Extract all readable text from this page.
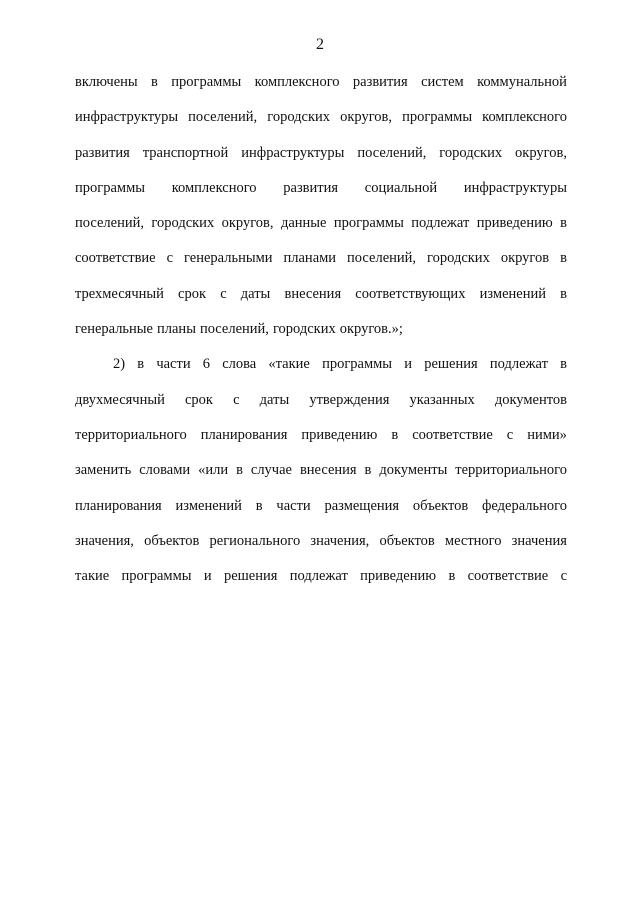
2
включены в программы комплексного развития систем коммунальной
инфраструктуры поселений, городских округов, программы комплексного
развития транспортной инфраструктуры поселений, городских округов,
программы комплексного развития социальной инфраструктуры
поселений, городских округов, данные программы подлежат приведению в
соответствие с генеральными планами поселений, городских округов в
трехмесячный срок с даты внесения соответствующих изменений в
генеральные планы поселений, городских округов.»;
2) в части 6 слова «такие программы и решения подлежат в
двухмесячный срок с даты утверждения указанных документов
территориального планирования приведению в соответствие с ними»
заменить словами «или в случае внесения в документы территориального
планирования изменений в части размещения объектов федерального
значения, объектов регионального значения, объектов местного значения
такие программы и решения подлежат приведению в соответствие с
